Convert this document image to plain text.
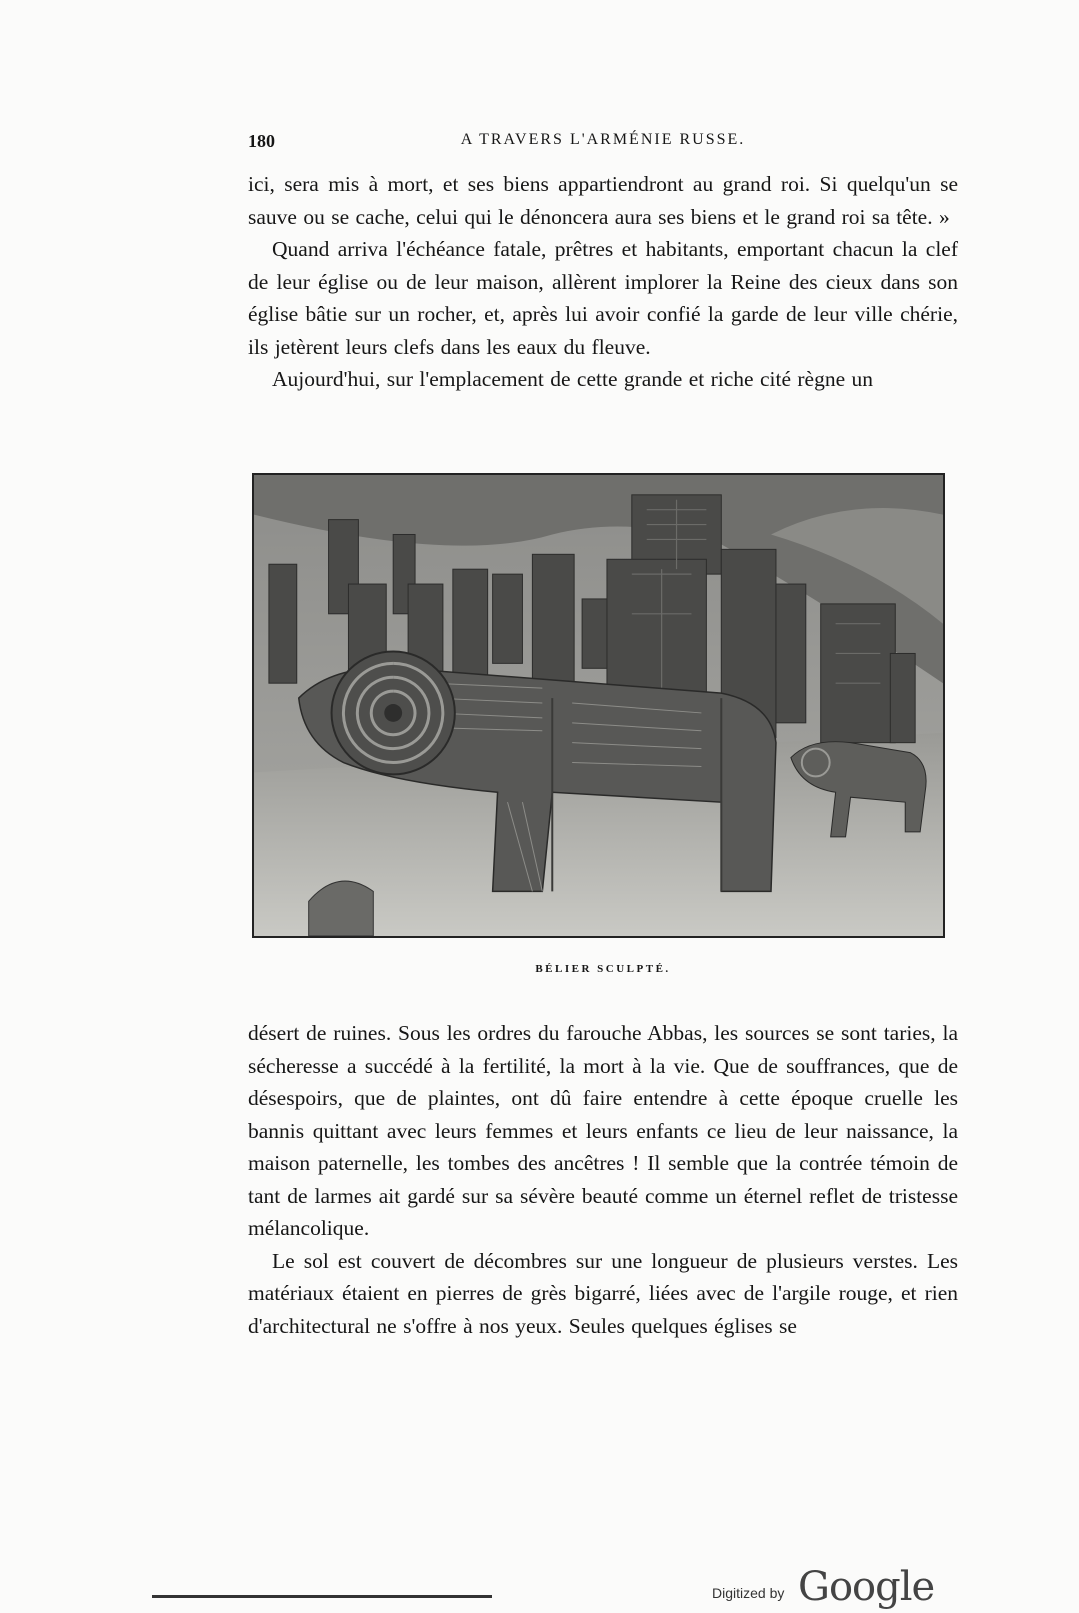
180	A TRAVERS L'ARMÉNIE RUSSE.

ici, sera mis à mort, et ses biens appartiendront au grand roi. Si quelqu'un se sauve ou se cache, celui qui le dénoncera aura ses biens et le grand roi sa tête. »

Quand arriva l'échéance fatale, prêtres et habitants, emportant chacun la clef de leur église ou de leur maison, allèrent implorer la Reine des cieux dans son église bâtie sur un rocher, et, après lui avoir confié la garde de leur ville chérie, ils jetèrent leurs clefs dans les eaux du fleuve.

Aujourd'hui, sur l'emplacement de cette grande et riche cité règne un

BÉLIER SCULPTÉ.

désert de ruines. Sous les ordres du farouche Abbas, les sources se sont taries, la sécheresse a succédé à la fertilité, la mort à la vie. Que de souffrances, que de désespoirs, que de plaintes, ont dû faire entendre à cette époque cruelle les bannis quittant avec leurs femmes et leurs enfants ce lieu de leur naissance, la maison paternelle, les tombes des ancêtres ! Il semble que la contrée témoin de tant de larmes ait gardé sur sa sévère beauté comme un éternel reflet de tristesse mélancolique.

Le sol est couvert de décombres sur une longueur de plusieurs verstes. Les matériaux étaient en pierres de grès bigarré, liées avec de l'argile rouge, et rien d'architectural ne s'offre à nos yeux. Seules quelques églises se

Digitized by Google
